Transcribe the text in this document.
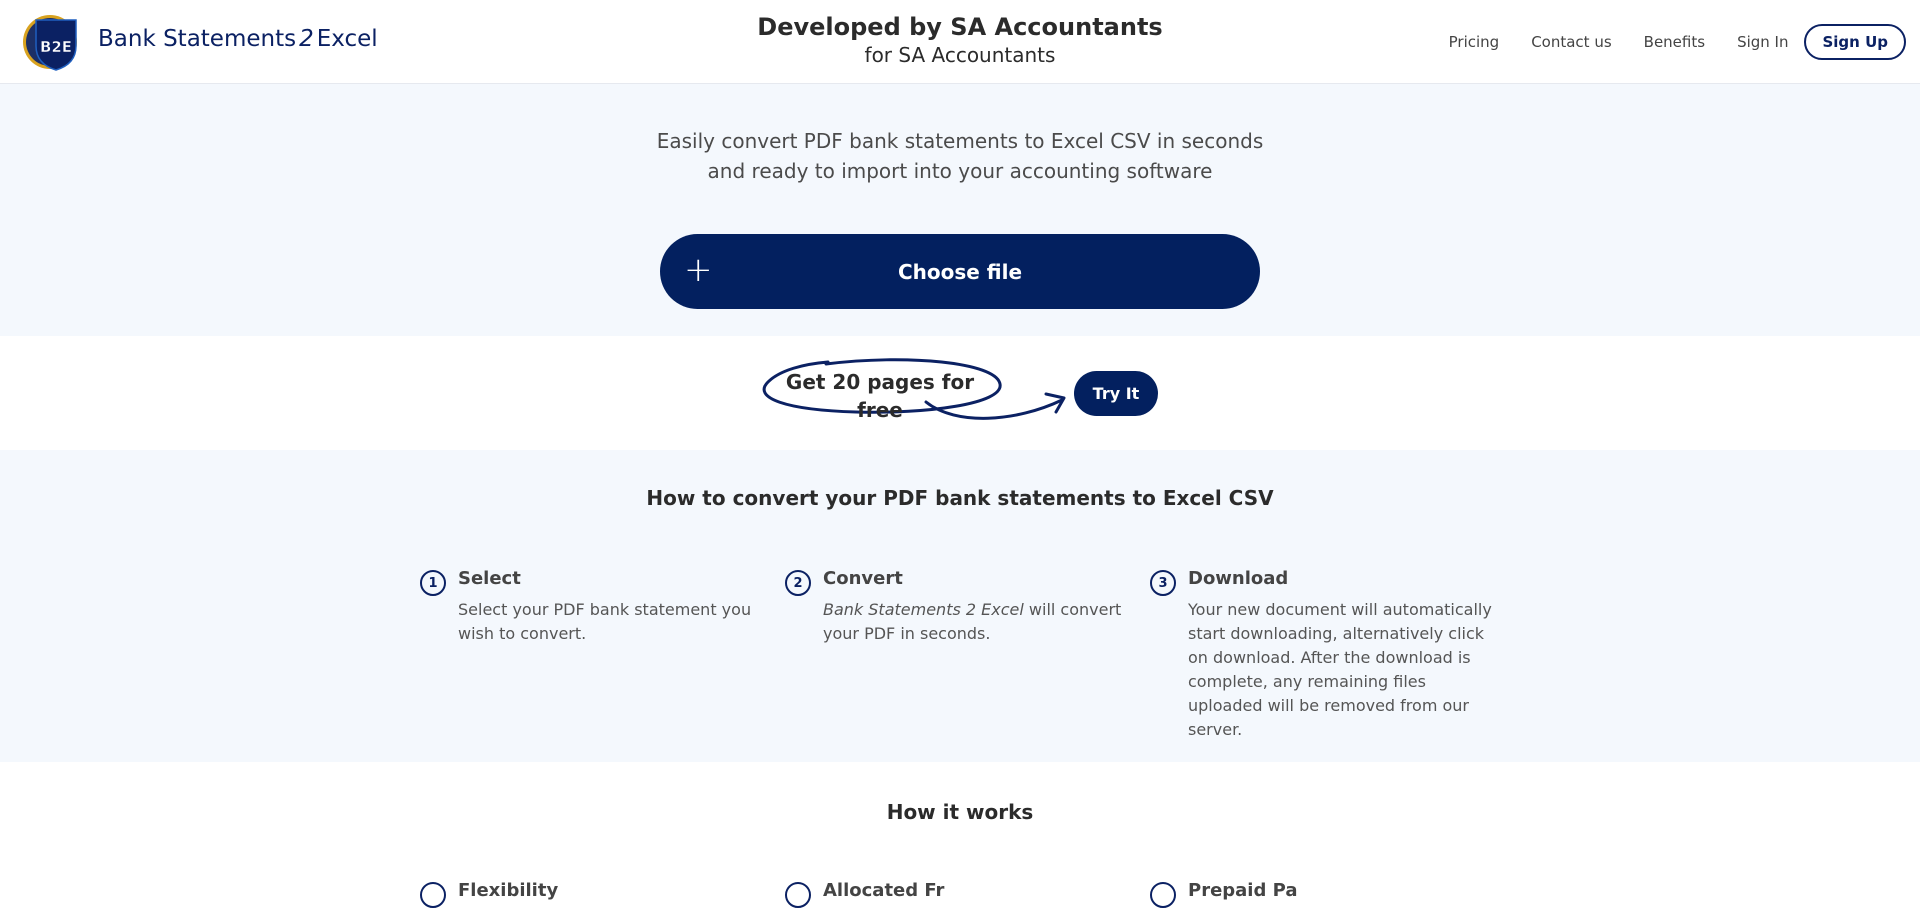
B2E Bank Statements 2 Excel	Developed by SA Accountants
for SA Accountants
Pricing Contact us Benefits Sign In	Sign Up
Easily convert PDF bank statements to Excel CSV in seconds
and ready to import into your accounting software
+	Choose file
Get 20 pages for free
Try It
How to convert your PDF bank statements to Excel CSV
1	Select
Select your PDF bank statement you wish to convert.
2	Convert
Bank Statements 2 Excel will convert your PDF in seconds.
3	Download
Your new document will automatically start downloading, alternatively click on download. After the download is complete, any remaining files uploaded will be removed from our server.
How it works
Flexibility	Allocated Fr	Prepaid Pa
